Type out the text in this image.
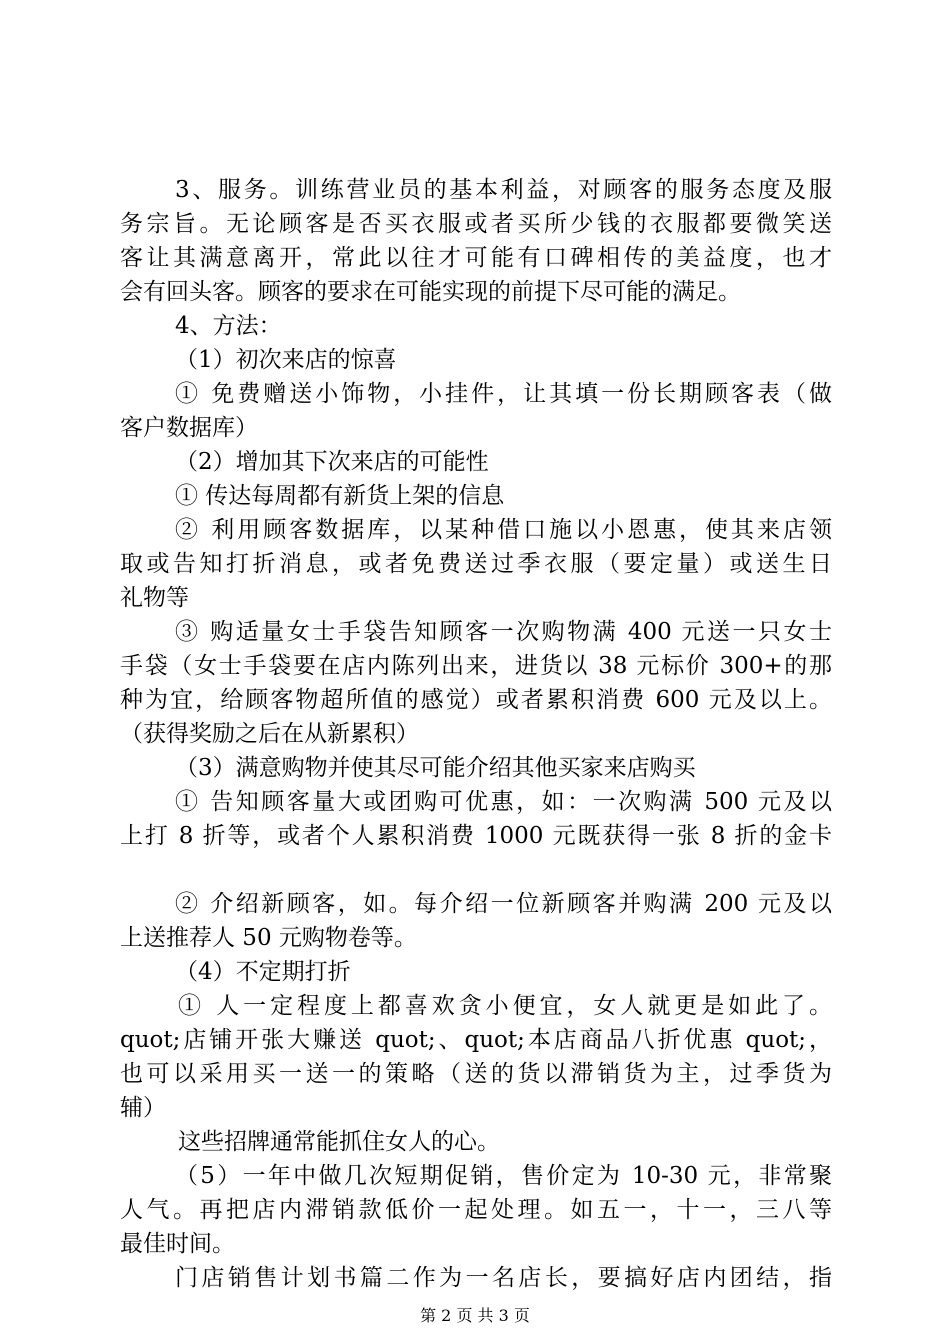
3、服务。训练营业员的基本利益，对顾客的服务态度及服
务宗旨。无论顾客是否买衣服或者买所少钱的衣服都要微笑送
客让其满意离开，常此以往才可能有口碑相传的美益度，也才
会有回头客。顾客的要求在可能实现的前提下尽可能的满足。
4、方法：
（1）初次来店的惊喜
① 免费赠送小饰物，小挂件，让其填一份长期顾客表（做
客户数据库）
（2）增加其下次来店的可能性
① 传达每周都有新货上架的信息
② 利用顾客数据库，以某种借口施以小恩惠，使其来店领
取或告知打折消息，或者免费送过季衣服（要定量）或送生日
礼物等
③ 购适量女士手袋告知顾客一次购物满 400 元送一只女士
手袋（女士手袋要在店内陈列出来，进货以 38 元标价 300+的那
种为宜，给顾客物超所值的感觉）或者累积消费 600 元及以上。
（获得奖励之后在从新累积）
（3）满意购物并使其尽可能介绍其他买家来店购买
① 告知顾客量大或团购可优惠，如：一次购满 500 元及以
上打 8 折等，或者个人累积消费 1000 元既获得一张 8 折的金卡
② 介绍新顾客，如。每介绍一位新顾客并购满 200 元及以
上送推荐人 50 元购物卷等。
（4）不定期打折
① 人一定程度上都喜欢贪小便宜，女人就更是如此了。
quot;店铺开张大赚送 quot;、quot;本店商品八折优惠 quot;，
也可以采用买一送一的策略（送的货以滞销货为主，过季货为
辅）
这些招牌通常能抓住女人的心。
（5）一年中做几次短期促销，售价定为 10-30 元，非常聚
人气。再把店内滞销款低价一起处理。如五一，十一，三八等
最佳时间。
门店销售计划书篇二作为一名店长，要搞好店内团结，指
第 2 页 共 3 页
